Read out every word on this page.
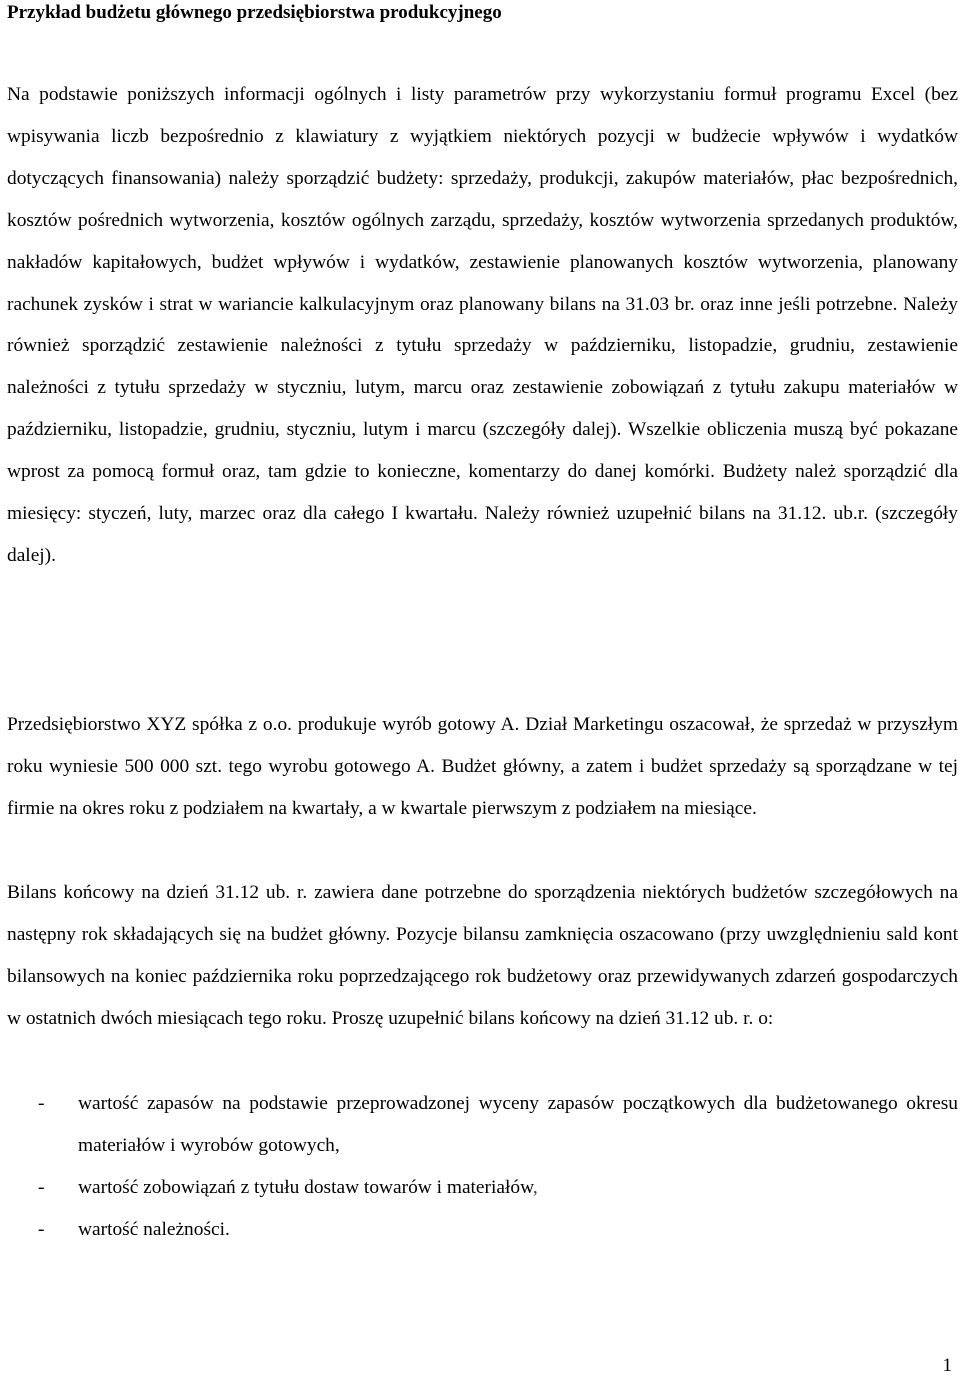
Przykład budżetu głównego przedsiębiorstwa produkcyjnego

Na podstawie poniższych informacji ogólnych i listy parametrów przy wykorzystaniu formuł programu Excel (bez wpisywania liczb bezpośrednio z klawiatury z wyjątkiem niektórych pozycji w budżecie wpływów i wydatków dotyczących finansowania) należy sporządzić budżety: sprzedaży, produkcji, zakupów materiałów, płac bezpośrednich, kosztów pośrednich wytworzenia, kosztów ogólnych zarządu, sprzedaży, kosztów wytworzenia sprzedanych produktów, nakładów kapitałowych, budżet wpływów i wydatków, zestawienie planowanych kosztów wytworzenia, planowany rachunek zysków i strat w wariancie kalkulacyjnym oraz planowany bilans na 31.03 br. oraz inne jeśli potrzebne. Należy również sporządzić zestawienie należności z tytułu sprzedaży w październiku, listopadzie, grudniu, zestawienie należności z tytułu sprzedaży w styczniu, lutym, marcu oraz zestawienie zobowiązań z tytułu zakupu materiałów w październiku, listopadzie, grudniu, styczniu, lutym i marcu (szczegóły dalej). Wszelkie obliczenia muszą być pokazane wprost za pomocą formuł oraz, tam gdzie to konieczne, komentarzy do danej komórki. Budżety należ sporządzić dla miesięcy: styczeń, luty, marzec oraz dla całego I kwartału. Należy również uzupełnić bilans na 31.12. ub.r. (szczegóły dalej).

Przedsiębiorstwo XYZ spółka z o.o. produkuje wyrób gotowy A. Dział Marketingu oszacował, że sprzedaż w przyszłym roku wyniesie 500 000 szt. tego wyrobu gotowego A. Budżet główny, a zatem i budżet sprzedaży są sporządzane w tej firmie na okres roku z podziałem na kwartały, a w kwartale pierwszym z podziałem na miesiące.

Bilans końcowy na dzień 31.12 ub. r. zawiera dane potrzebne do sporządzenia niektórych budżetów szczegółowych na następny rok składających się na budżet główny. Pozycje bilansu zamknięcia oszacowano (przy uwzględnieniu sald kont bilansowych na koniec października roku poprzedzającego rok budżetowy oraz przewidywanych zdarzeń gospodarczych w ostatnich dwóch miesiącach tego roku. Proszę uzupełnić bilans końcowy na dzień 31.12 ub. r. o:

- wartość zapasów na podstawie przeprowadzonej wyceny zapasów początkowych dla budżetowanego okresu materiałów i wyrobów gotowych,
- wartość zobowiązań z tytułu dostaw towarów i materiałów,
- wartość należności.
1
